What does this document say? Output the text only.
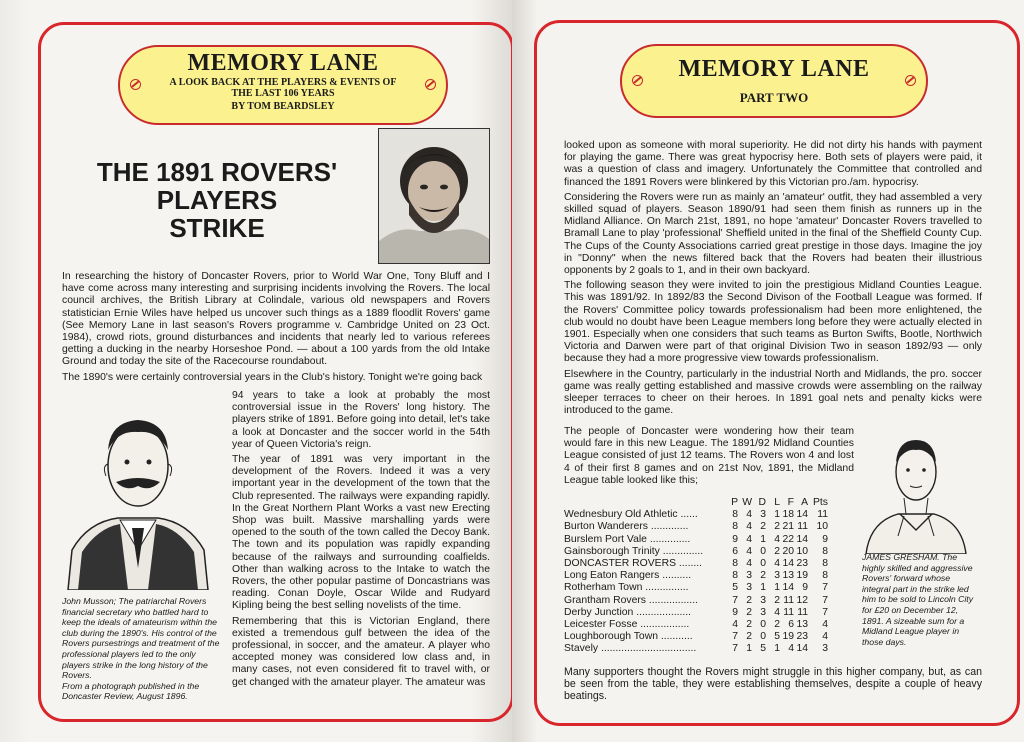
MEMORY LANE
A LOOK BACK AT THE PLAYERS & EVENTS OF THE LAST 106 YEARS
BY TOM BEARDSLEY
THE 1891 ROVERS'
PLAYERS
STRIKE

In researching the history of Doncaster Rovers, prior to World War One, Tony Bluff and I have come across many interesting and surprising incidents involving the Rovers. The local council archives, the British Library at Colindale, various old newspapers and Rovers statistician Ernie Wiles have helped us uncover such things as a 1889 floodlit Rovers' game (See Memory Lane in last season's Rovers programme v. Cambridge United on 23 Oct. 1984), crowd riots, ground disturbances and incidents that nearly led to various referees getting a ducking in the nearby Horseshoe Pond. — about a 100 yards from the old Intake Ground and today the site of the Racecourse roundabout.

The 1890's were certainly controversial years in the Club's history. Tonight we're going back

94 years to take a look at probably the most controversial issue in the Rovers' long history. The players strike of 1891. Before going into detail, let's take a look at Doncaster and the soccer world in the 54th year of Queen Victoria's reign.

The year of 1891 was very important in the development of the Rovers. Indeed it was a very important year in the development of the town that the Club represented. The railways were expanding rapidly. In the Great Northern Plant Works a vast new Erecting Shop was built. Massive marshalling yards were opened to the south of the town called the Decoy Bank. The town and its population was rapidly expanding because of the railways and surrounding coalfields. Other than walking across to the Intake to watch the Rovers, the other popular pastime of Doncastrians was reading. Conan Doyle, Oscar Wilde and Rudyard Kipling being the best selling novelists of the time.

Remembering that this is Victorian England, there existed a tremendous gulf between the idea of the professional, in soccer, and the amateur. A player who accepted money was considered low class and, in many cases, not even considered fit to travel with, or get changed with the amateur player. The amateur was

John Musson; The patriarchal Rovers financial secretary who battled hard to keep the ideals of amateurism within the club during the 1890's. His control of the Rovers pursestrings and treatment of the professional players led to the only players strike in the long history of the Rovers.
From a photograph published in the Doncaster Review, August 1896.
MEMORY LANE
PART TWO

looked upon as someone with moral superiority. He did not dirty his hands with payment for playing the game. There was great hypocrisy here. Both sets of players were paid, it was a question of class and imagery. Unfortunately the Committee that controlled and financed the 1891 Rovers were blinkered by this Victorian pro./am. hypocrisy.

Considering the Rovers were run as mainly an 'amateur' outfit, they had assembled a very skilled squad of players. Season 1890/91 had seen them finish as runners up in the Midland Alliance. On March 21st, 1891, no hope 'amateur' Doncaster Rovers travelled to Bramall Lane to play 'professional' Sheffield united in the final of the Sheffield County Cup. The Cups of the County Associations carried great prestige in those days. Imagine the joy in "Donny" when the news filtered back that the Rovers had beaten their illustrious opponents by 2 goals to 1, and in their own backyard.

The following season they were invited to join the prestigious Midland Counties League. This was 1891/92. In 1892/83 the Second Divison of the Football League was formed. If the Rovers' Committee policy towards professionalism had been more enlightened, the club would no doubt have been League members long before they were actually elected in 1901. Especially when one considers that such teams as Burton Swifts, Bootle, Northwich Victoria and Darwen were part of that original Division Two in season 1892/93 — only because they had a more progressive view towards professionalism.

Elsewhere in the Country, particularly in the industrial North and Midlands, the pro. soccer game was really getting established and massive crowds were assembling on the railway sleeper terraces to cheer on their heroes. In 1891 goal nets and penalty kicks were introduced to the game.

The people of Doncaster were wondering how their team would fare in this new League. The 1891/92 Midland Counties League consisted of just 12 teams. The Rovers won 4 and lost 4 of their first 8 games and on 21st Nov, 1891, the Midland League table looked like this;

	P	W	D	L	F	A	Pts
Wednesbury Old Athletic ......	8	4	3	1	18	14	11
Burton Wanderers .............	8	4	2	2	21	11	10
Burslem Port Vale ..............	9	4	1	4	22	14	9
Gainsborough Trinity ..............	6	4	0	2	20	10	8
DONCASTER ROVERS ........	8	4	0	4	14	23	8
Long Eaton Rangers ..........	8	3	2	3	13	19	8
Rotherham Town ...............	5	3	1	1	14	9	7
Grantham Rovers .................	7	2	3	2	11	12	7
Derby Junction ...................	9	2	3	4	11	11	7
Leicester Fosse .................	4	2	0	2	6	13	4
Loughborough Town ...........	7	2	0	5	19	23	4
Stavely .................................	7	1	5	1	4	14	3
JAMES GRESHAM. The highly skilled and aggressive Rovers' forward whose integral part in the strike led him to be sold to Lincoln City for £20 on December 12, 1891. A sizeable sum for a Midland League player in those days.
Many supporters thought the Rovers might struggle in this higher company, but, as can be seen from the table, they were establishing themselves, despite a couple of heavy beatings.
